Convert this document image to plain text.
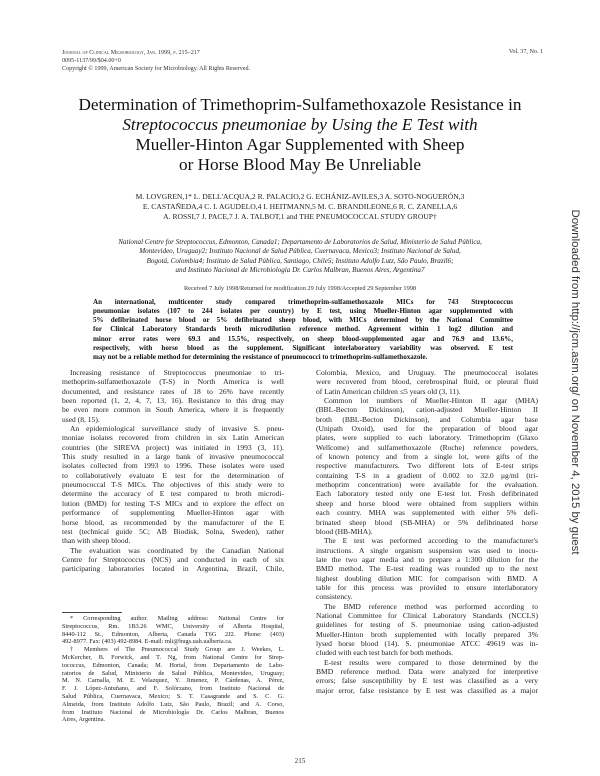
Journal of Clinical Microbiology, Jan. 1999, p. 215–217
0095-1137/99/$04.00+0
Copyright © 1999, American Society for Microbiology. All Rights Reserved.
Vol. 37, No. 1
Determination of Trimethoprim-Sulfamethoxazole Resistance in
Streptococcus pneumoniae by Using the E Test with
Mueller-Hinton Agar Supplemented with Sheep
or Horse Blood May Be Unreliable
M. LOVGREN,1* L. DELL'ACQUA,2 R. PALACIO,2 G. ECHÁNIZ-AVILES,3 A. SOTO-NOGUERÓN,3
E. CASTAÑEDA,4 C. I. AGUDELO,4 I. HEITMANN,5 M. C. BRANDILEONE,6 R. C. ZANELLA,6
A. ROSSI,7 J. PACE,7 J. A. TALBOT,1 and THE PNEUMOCOCCAL STUDY GROUP†
National Centre for Streptococcus, Edmonton, Canada1; Departamento de Laboratorios de Salud, Ministerio de Salud Pública,
Montevideo, Uruguay2; Instituto Nacional de Salud Pública, Cuernavaca, Mexico3; Instituto Nacional de Salud,
Bogotá, Colombia4; Instituto de Salud Pública, Santiago, Chile5; Instituto Adolfo Lutz, São Paulo, Brazil6;
and Instituto Nacional de Microbiología Dr. Carlos Malbran, Buenos Aires, Argentina7
Received 7 July 1998/Returned for modification 29 July 1998/Accepted 29 September 1998
An international, multicenter study compared trimethoprim-sulfamethoxazole MICs for 743 Streptococcus
pneumoniae isolates (107 to 244 isolates per country) by E test, using Mueller-Hinton agar supplemented with
5% defibrinated horse blood or 5% defibrinated sheep blood, with MICs determined by the National Committee
for Clinical Laboratory Standards broth microdilution reference method. Agreement within 1 log2 dilution and
minor error rates were 69.3 and 15.5%, respectively, on sheep blood-supplemented agar and 76.9 and 13.6%,
respectively, with horse blood as the supplement. Significant interlaboratory variability was observed. E test
may not be a reliable method for determining the resistance of pneumococci to trimethoprim-sulfamethoxazole.
Increasing resistance of Streptococcus pneumoniae to tri-
methoprim-sulfamethoxazole (T-S) in North America is well
documented, and resistance rates of 18 to 26% have recently
been reported (1, 2, 4, 7, 13, 16). Resistance to this drug may
be even more common in South America, where it is frequently
used (8, 15).
An epidemiological surveillance study of invasive S. pneu-
moniae isolates recovered from children in six Latin American
countries (the SIREVA project) was initiated in 1993 (3, 11).
This study resulted in a large bank of invasive pneumococcal
isolates collected from 1993 to 1996. These isolates were used
to collaboratively evaluate E test for the determination of
pneumococcal T-S MICs. The objectives of this study were to
determine the accuracy of E test compared to broth microdi-
lution (BMD) for testing T-S MICs and to explore the effect on
performance of supplementing Mueller-Hinton agar with
horse blood, as recommended by the manufacturer of the E
test (technical guide 5C; AB Biodisk, Solna, Sweden), rather
than with sheep blood.
The evaluation was coordinated by the Canadian National
Centre for Streptococcus (NCS) and conducted in each of six
participating laboratories located in Argentina, Brazil, Chile,
* Corresponding author. Mailing address: National Centre for
Streptococcus, Rm. 1B3.26 WMC, University of Alberta Hospital,
8440-112 St., Edmonton, Alberta, Canada T6G 2J2. Phone: (403)
492-8977. Fax: (403) 492-8984. E-mail: mli@bugs.uah.ualberta.ca.
† Members of The Pneumococcal Study Group are J. Weekes, L.
McKercher, B. Forwick, and T. Ng, from National Centre for Strep-
tococcus, Edmonton, Canada; M. Hortal, from Departamento de Labo-
ratorios de Salud, Ministerio de Salud Pública, Montevideo, Uruguay;
M. N. Carnalla, M. E. Velazquez, Y. Jimenez, P. Cárdenas, A. Pérez,
F. J. López-Antuñano, and F. Solórzano, from Instituto Nacional de
Salud Pública, Cuernavaca, Mexico; S. T. Casagrande and S. C. G.
Almeida, from Instituto Adolfo Lutz, São Paulo, Brazil; and A. Corso,
from Instituto Nacional de Microbiología Dr. Carlos Malbran, Buenos
Aires, Argentina.
Colombia, Mexico, and Uruguay. The pneumococcal isolates
were recovered from blood, cerebrospinal fluid, or pleural fluid
of Latin American children ≤5 years old (3, 11).
Common lot numbers of Mueller-Hinton II agar (MHA)
(BBL-Becton Dickinson), cation-adjusted Mueller-Hinton II
broth (BBL-Becton Dickinson), and Columbia agar base
(Unipath Oxoid), used for the preparation of blood agar
plates, were supplied to each laboratory. Trimethoprim (Glaxo
Wellcome) and sulfamethoxazole (Roche) reference powders,
of known potency and from a single lot, were gifts of the
respective manufacturers. Two different lots of E-test strips
containing T-S in a gradient of 0.002 to 32.0 μg/ml (tri-
methoprim concentration) were available for the evaluation.
Each laboratory tested only one E-test lot. Fresh defibrinated
sheep and horse blood were obtained from suppliers within
each country. MHA was supplemented with either 5% defi-
brinated sheep blood (SB-MHA) or 5% defibrinated horse
blood (HB-MHA).
The E test was performed according to the manufacturer's
instructions. A single organism suspension was used to inocu-
late the two agar media and to prepare a 1:300 dilution for the
BMD method. The E-test reading was rounded up to the next
highest doubling dilution MIC for comparison with BMD. A
table for this process was provided to ensure interlaboratory
consistency.
The BMD reference method was performed according to
National Committee for Clinical Laboratory Standards (NCCLS)
guidelines for testing of S. pneumoniae using cation-adjusted
Mueller-Hinton broth supplemented with locally prepared 3%
lysed horse blood (14). S. pneumoniae ATCC 49619 was in-
cluded with each test batch for both methods.
E-test results were compared to those determined by the
BMD reference method. Data were analyzed for interpretive
errors; false susceptibility by E test was classified as a very
major error, false resistance by E test was classified as a major
215
Downloaded from http://jcm.asm.org/ on November 4, 2015 by guest
